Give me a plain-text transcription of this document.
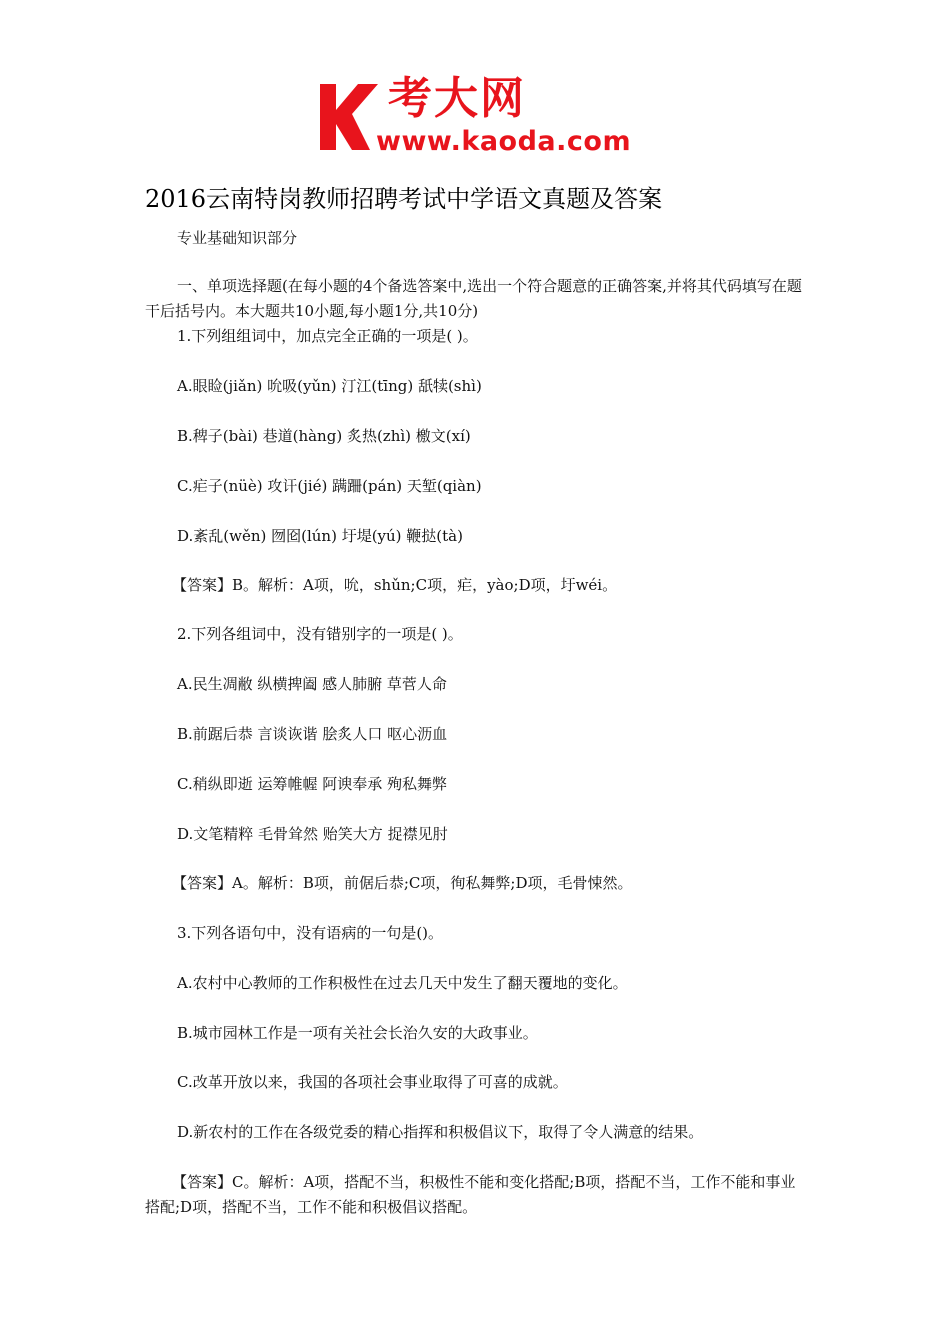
考大网
www.kaoda.com
2016云南特岗教师招聘考试中学语文真题及答案

专业基础知识部分

一、单项选择题(在每小题的4个备选答案中,选出一个符合题意的正确答案,并将其代码填写在题干后括号内。本大题共10小题,每小题1分,共10分)

1.下列组组词中，加点完全正确的一项是( )。

A.眼睑(jiǎn) 吮吸(yǔn) 汀江(tīng) 舐犊(shì)

B.稗子(bài) 巷道(hàng) 炙热(zhì) 檄文(xí)

C.疟子(nüè) 攻讦(jié) 蹒跚(pán) 天堑(qiàn)

D.紊乱(wěn) 囫囵(lún) 圩堤(yú) 鞭挞(tà)

【答案】B。解析：A项，吮，shǔn;C项，疟，yào;D项，圩wéi。

2.下列各组词中，没有错别字的一项是( )。

A.民生凋敝 纵横捭阖 感人肺腑 草菅人命

B.前踞后恭 言谈诙谐 脍炙人口 呕心沥血

C.稍纵即逝 运筹帷幄 阿谀奉承 殉私舞弊

D.文笔精粹 毛骨耸然 贻笑大方 捉襟见肘

【答案】A。解析：B项，前倨后恭;C项，徇私舞弊;D项，毛骨悚然。

3.下列各语句中，没有语病的一句是()。

A.农村中心教师的工作积极性在过去几天中发生了翻天覆地的变化。

B.城市园林工作是一项有关社会长治久安的大政事业。

C.改革开放以来，我国的各项社会事业取得了可喜的成就。

D.新农村的工作在各级党委的精心指挥和积极倡议下，取得了令人满意的结果。

【答案】C。解析：A项，搭配不当，积极性不能和变化搭配;B项，搭配不当，工作不能和事业搭配;D项，搭配不当，工作不能和积极倡议搭配。
